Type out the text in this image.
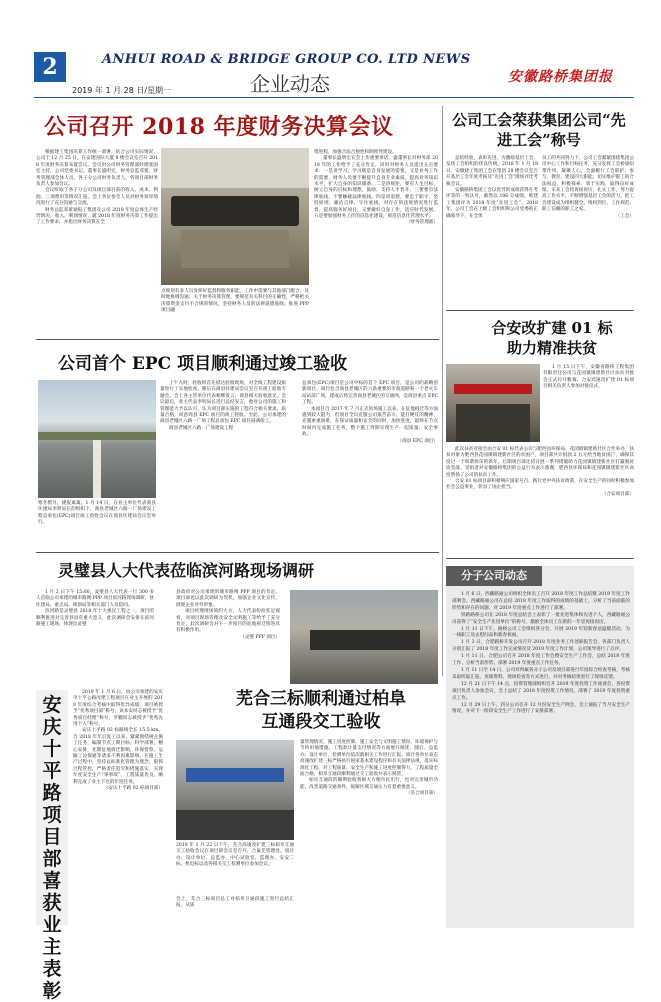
2	ANHUI ROAD & BRIDGE GROUP CO. LTD NEWS
企业动态
2019 年 1 月 28 日/星期一
安徽路桥集团报
公司召开 2018 年度财务决算会议

根据建工集团决算工作统一部署，结合公司实际情况，公司于 12 月 25 日，在安建国际大厦 8 楼会议室召开 2018 年度财务决算布置会议。会议由公司财务管理部经理张国宏主持，公司党委书记、董事长盛明宏，财务总监邓蕾，财务管理部全体人员，各子分公司财务负责人，各项目部财务负责人参加会议。

会议听取了各子分公司及项目部目前的收入、成本、利润、三项费用等情况汇报，会上各位参会人员对财务预审情况进行了充分沟通与交流。

财务总监邓蕾通报了集团及公司 2018 年度总体生产经营情况，收入、利润情况，就 2018 年度财务决算工作提出了工作要求，并指出财务决算在全

点规划有多人员发挥好监督和服务职能，工作中需要与其他部门配合，及时地协调沟通；关于财务决算管理，要规范有关科目的正确性，严格把关决算资金支付不合规的情况，坚持财务人员的法律道德底线；推进 PPP 项目融

资进程，加强合法合规性和制度性建设。

董事长盛明宏在会上作重要讲话，盛董事长对财务部 2018 年的工作给予了充分肯定，同时对财务人员提出五点要求：一是讲学习，学习既是自身发展的需要，又是业务工作的需要，财务人员要不断提升自身专业素质，提高业务知识水平，扩大自身的知识储备。二是讲规矩，要有人生目标，树立自身的目标和理想，鼓励、支持人才晋升。三要要有法律底线，不要触碰法律底线。四是讲道德，要忠于职守，坚持原则，廉洁自律，守住底线。对存在的违规情况进行监督，提高服务好项目，又要做好自身工作，适应时代发展。五是要加强财务工作的信息化建设，规范信息化管理水平。

（财务管理部）
公司工会荣获集团公司“先进工会”称号

总结经验，表彰先进，为激励基层工会、发扬工会组织的优良传统，2018 年 1 月 18 日，安徽建工集团工会在集团 28 楼会议室召开基层工会年度考核及“先进工会”现场评比考核会议。

安徽路桥集团工会以优异的成绩获得在考评等的一致认可，截然以 106 分成绩，被建工集团评为 2018 年度“先进工会”。2018 年，公司工会在上级工会组织和公司党委的正确领导下，在全体

员工的共同努力下，公司工会紧紧围绕集团公司中心工作和目标任务，充分发挥工会桥梁纽带作用，凝聚人心，全面履行工会职护、参与、教育，建设四大职能，切实维护职工的合法权益，积极探索、勇于实践，取得良好成绩。未来工会将再接再厉，扎实工作，努力提高工作水平，不断增强基层工会的活力，把工会建设成为组织健全、维权到位、工作规范、职工信赖的职工之家。

（工会）
公司首个 EPC 项目顺利通过竣工验收
寒冬腊月，捷报素篱。1 月 14 日，在业主单位代表商县住建局李明局长的组织下，商县老城区六路一广场建设工程总承包(EPC)项目竣工验收会议在商县住建局会议室举行。

上午九时，验收组首先抵达验收现场，对全线工程建设质量进行了实地检查。随后在商县住建局会议室召开竣工验收专题会。会上各主管单位代表相继发言，商县相关验收意见，会议最后，业主代表李明局长进行总结发言，他对公司的施工和管理能力予以认可，认为项目部实施的工程符合相关要求，质量合格，同意商县 EPC 项目的竣工验收。至此，公司承建的商县老城区六路一广场工程总承包 EPC 项目圆满竣工。

商县老城区六路一广场建设工程

总承包(EPC)项目是公司中标的首个 EPC 项目，是公司的战略创新项目。项目包含商县老城区的六条重要的市政道路和一个老火车站站前广场，建成后将完善商县老城区的交通网，是商县重点 EPC 工程。

本项目自 2017 年 7 月正式进场施工以来，在征地拆迁等方面遇到较大阻力，但项目全员克服公司艰苦奋斗、能打硬仗的精神，克服重重困难，在保证质量和安全的同时，加快进度，最终在节点时间内完成施工任务，整个施工周期实现生产一起质量、安全事故。

（商县 EPC 项目）
合安改扩建 01 标助力精准扶贫

1 月 15 日下午，安徽省路桥工程集团有限责任公司与花园镇镇建新社区扶贫对接会正式拉开帷幕。合安高速改扩建 01 标项目相关负责人参加对接仪式。

此次扶贫对接会由合安 01 标代表公司与肥西县环保局、花园镇镇建新社区合作举办，扶贫对象为肥西县花园镇镇建新社区的贫困户，项目部共计捐款 2 万元给当地贫困户，确保其度过一个和谐快乐的新年。后期项目部还将开展一系列措施助力花园镇镇建新社区打赢脱贫攻坚战。受捐者对安徽路桥集团的公益行为表示感谢，肥西县环保局和花园镇镇建新社区高度赞扬了公司的扶贫工作。

合安 01 标项目部积极响应国家号召，践行党中央扶贫政策，在安全生产的同时积极参加社会公益事业，彰显了国企担当。

（合安项目部）
灵璧县人大代表莅临滨河路现场调研

1 月 2 日下午 15:00，灵璧县人大代表一行 300 多人莅临公司承建的城市路网 PPP 项目滨河路现场调研，县住建局、重点局、规划局等相关部门人员陪同。

滨河路是灵璧县 2018 年十大惠民工程之一。项目的顺利推进对完善县县有重大意义，此次调研会安排在滨河路施工现场，体现出灵璧

县政府对公司承建的城市路网 PPP 项目的肯定。项目部也以此次调研为契机，加强企业文化宣传，展现企业对外形象。

项目经理现场简约大方，人大代表纷纷驻足观看，对项目现场管理及安全文明施工等给予了充分肯定，此次调研会对下一步项目的征地拆迁推进具有积极作用。

（灵璧 PPP 项目）
安庆十平路项目部喜获业主表彰

2019 年 1 月 6 日，由公司承建的安庆市十平公路改建工程项目在业主开展的 2018 年度综合考核中取得优异成绩。项目被授予“优秀项目部”称号，该本安同志被授予“优秀项目经理”称号，罗鹏同志被授予“优秀先进个人”称号。

安庆十平路 02 标路线全长 15.5 km，自 2018 年年后复工以来，紧紧围绕树企施工任务，编制节点工期目标，科学部署，精心安排，先期征地拆迁影响，环保督察，运输工边保通等诸多不利因素影响。在施工生产过程中，坚持以标准化管理为理念，狠抓过程管控，严格责任追究和措施落实，实现年度安全生产“零事故”，工程质量优良、顺利完成了业主下达的年度任务。

（安庆十平路 02 标项目部）
芜合三标顺利通过柏阜互通段交工验收
2019 年 1 月 22 日下午，芜合高速改扩建三标柏阜互通交工验收会议在项目部会议室召开，合巢芜管理处、项目办、设计单位、总监办、中心试验室、监理办、安安二标、机电标以及各相关交工检测单位参加会议。
会上，芜合三标项目总工对柏阜互通段施工进行总结汇报，从质

量管理情况、施工进度控制、施工安全与文明施工情况、环境保护与节约用地措施、工程款计量支付情况等方面展开阐述，随后，总监办、设计单位，检测单位依次就相关工作进行汇报。项目各单位表态高速改扩建三标严格执行国家基本建设程序和有关法律法规，落实标准化工程，对工程质量、安全生产和施工进度控制得力，工程质量全面合格，柏阜互通段顺利通过交工验收并表示祝贺。

柏阜互通段的顺利验收将极大方便市民出行，也对完善城市功能，改善道路交通条件，缓解区域交通压力有着重要意义。

（芜合项目部）
分子公司动态

1 月 6 日，西藏路通公司组织全体员工召开 2018 年度工作总结暨 2019 年度工作部署会。西藏路通公司在总结 2018 年度工作取得的成绩的基础上，分析了当前面临的形势和存在的问题，对 2019 年度重点工作进行了部署。

铁路路桥公司在 2018 年度总结会上表彰了一批先进集体和先进个人，西藏路通公司获得了“安全生产先进单位”的称号，激励全体员工在新的一年里再接再厉。

1 月 11 日下午，路桥公司工会组织各分会，开展 2019 年迎新春送温暖活动，为一线职工送去慰问品和新春祝福。

1 月 3 日，合肥路桥开发公司召开 2018 年度业务工作述职报告会，各部门负责人分别汇报了 2018 年度工作完成情况及 2019 年度工作计划，公司领导进行了点评。

1 月 11 日，合肥公司召开 2018 年度工作会暨安全生产工作会，总结 2018 年度工作、分析当前形势、部署 2019 年度重点工作任务。

1 月 11 日至 14 日，公司对所属各分子公司及项目部进行年度综合检查考核，考核采取听取汇报、查阅资料、现场检查等方式进行，并对考核结果进行了现场反馈。

12 月 21 日下午 14 点，投资管理部组织召开 2019 年度投资工作座谈会，各投资项目负责人参加会议，会上总结了 2018 年度投资工作情况，部署了 2019 年度投资重点工作。

12 月 29 日上午，四分公司召开 12 月份安全生产例会，会上通报了当月安全生产情况，并对下一阶段安全生产工作进行了安排部署。
